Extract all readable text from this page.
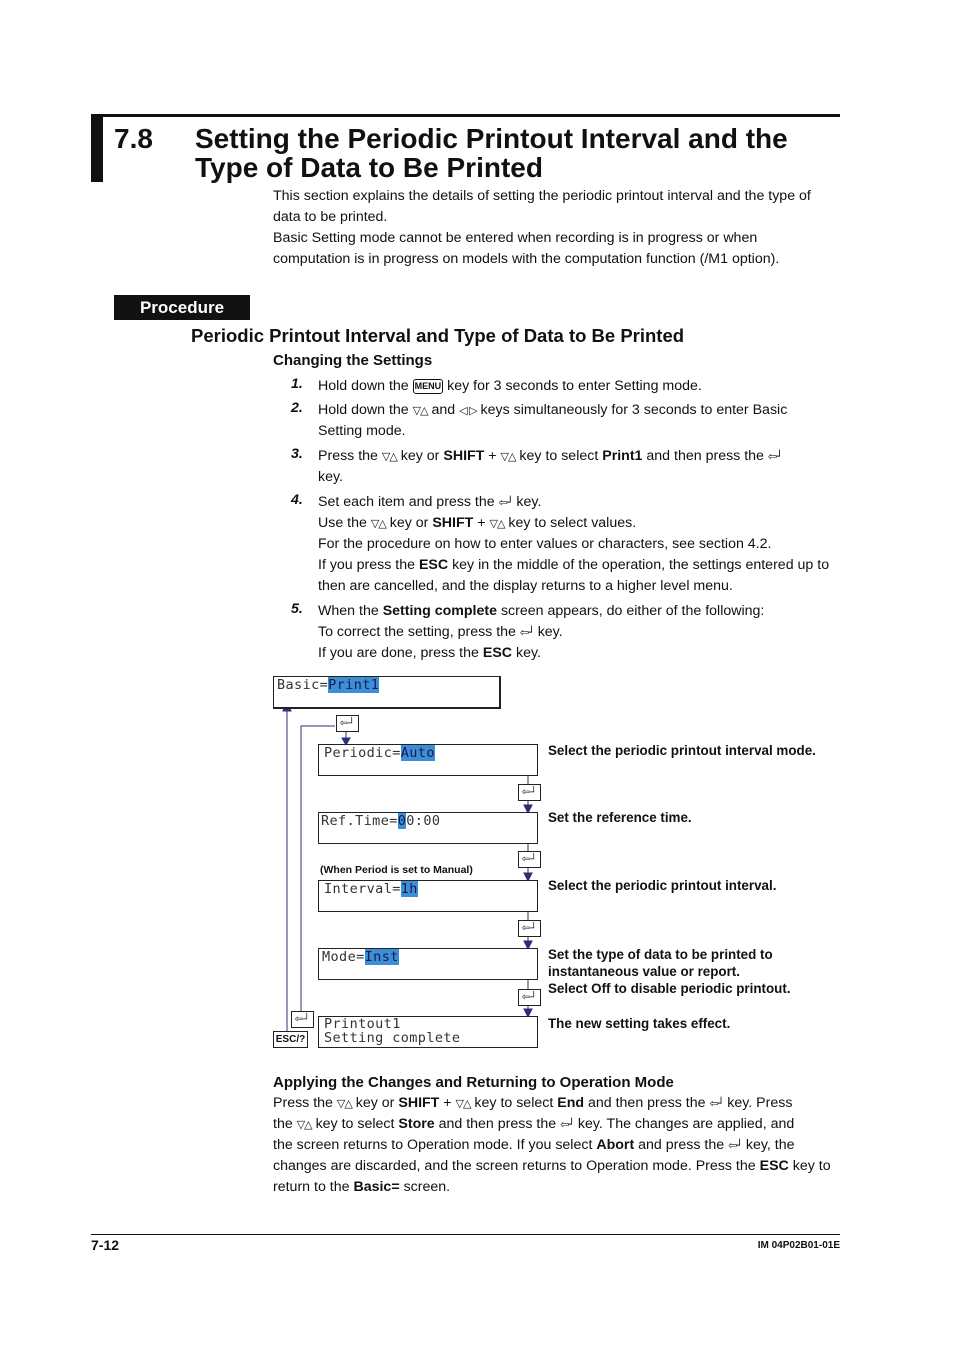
7.8 Setting the Periodic Printout Interval and the
Type of Data to Be Printed
This section explains the details of setting the periodic printout interval and the type of
data to be printed.
Basic Setting mode cannot be entered when recording is in progress or when
computation is in progress on models with the computation function (/M1 option).
Procedure
Periodic Printout Interval and Type of Data to Be Printed
Changing the Settings
1. Hold down the MENU key for 3 seconds to enter Setting mode.
2. Hold down the ▽△ and ◁ ▷ keys simultaneously for 3 seconds to enter Basic
Setting mode.
3. Press the ▽△ key or SHIFT + ▽△ key to select Print1 and then press the ⇦┘
key.
4. Set each item and press the ⇦┘ key.
Use the ▽△ key or SHIFT + ▽△ key to select values.
For the procedure on how to enter values or characters, see section 4.2.
If you press the ESC key in the middle of the operation, the settings entered up to
then are cancelled, and the display returns to a higher level menu.
5. When the Setting complete screen appears, do either of the following:
To correct the setting, press the ⇦┘ key.
If you are done, press the ESC key.
⇦┘
⇦┘
⇦┘
⇦┘
⇦┘
⇦┘
ESC/?
Basic=Print1
Periodic=Auto
Ref.Time=00:00
(When Period is set to Manual)
Interval=1h
Mode=Inst
Printout1
Setting complete
Select the periodic printout interval mode.
Set the reference time.
Select the periodic printout interval.
Set the type of data to be printed to
instantaneous value or report.
Select Off to disable periodic printout.
The new setting takes effect.
Applying the Changes and Returning to Operation Mode
Press the ▽△ key or SHIFT + ▽△ key to select End and then press the ⇦┘ key. Press
the ▽△ key to select Store and then press the ⇦┘ key. The changes are applied, and
the screen returns to Operation mode. If you select Abort and press the ⇦┘ key, the
changes are discarded, and the screen returns to Operation mode. Press the ESC key to
return to the Basic= screen.
7-12	IM 04P02B01-01E
